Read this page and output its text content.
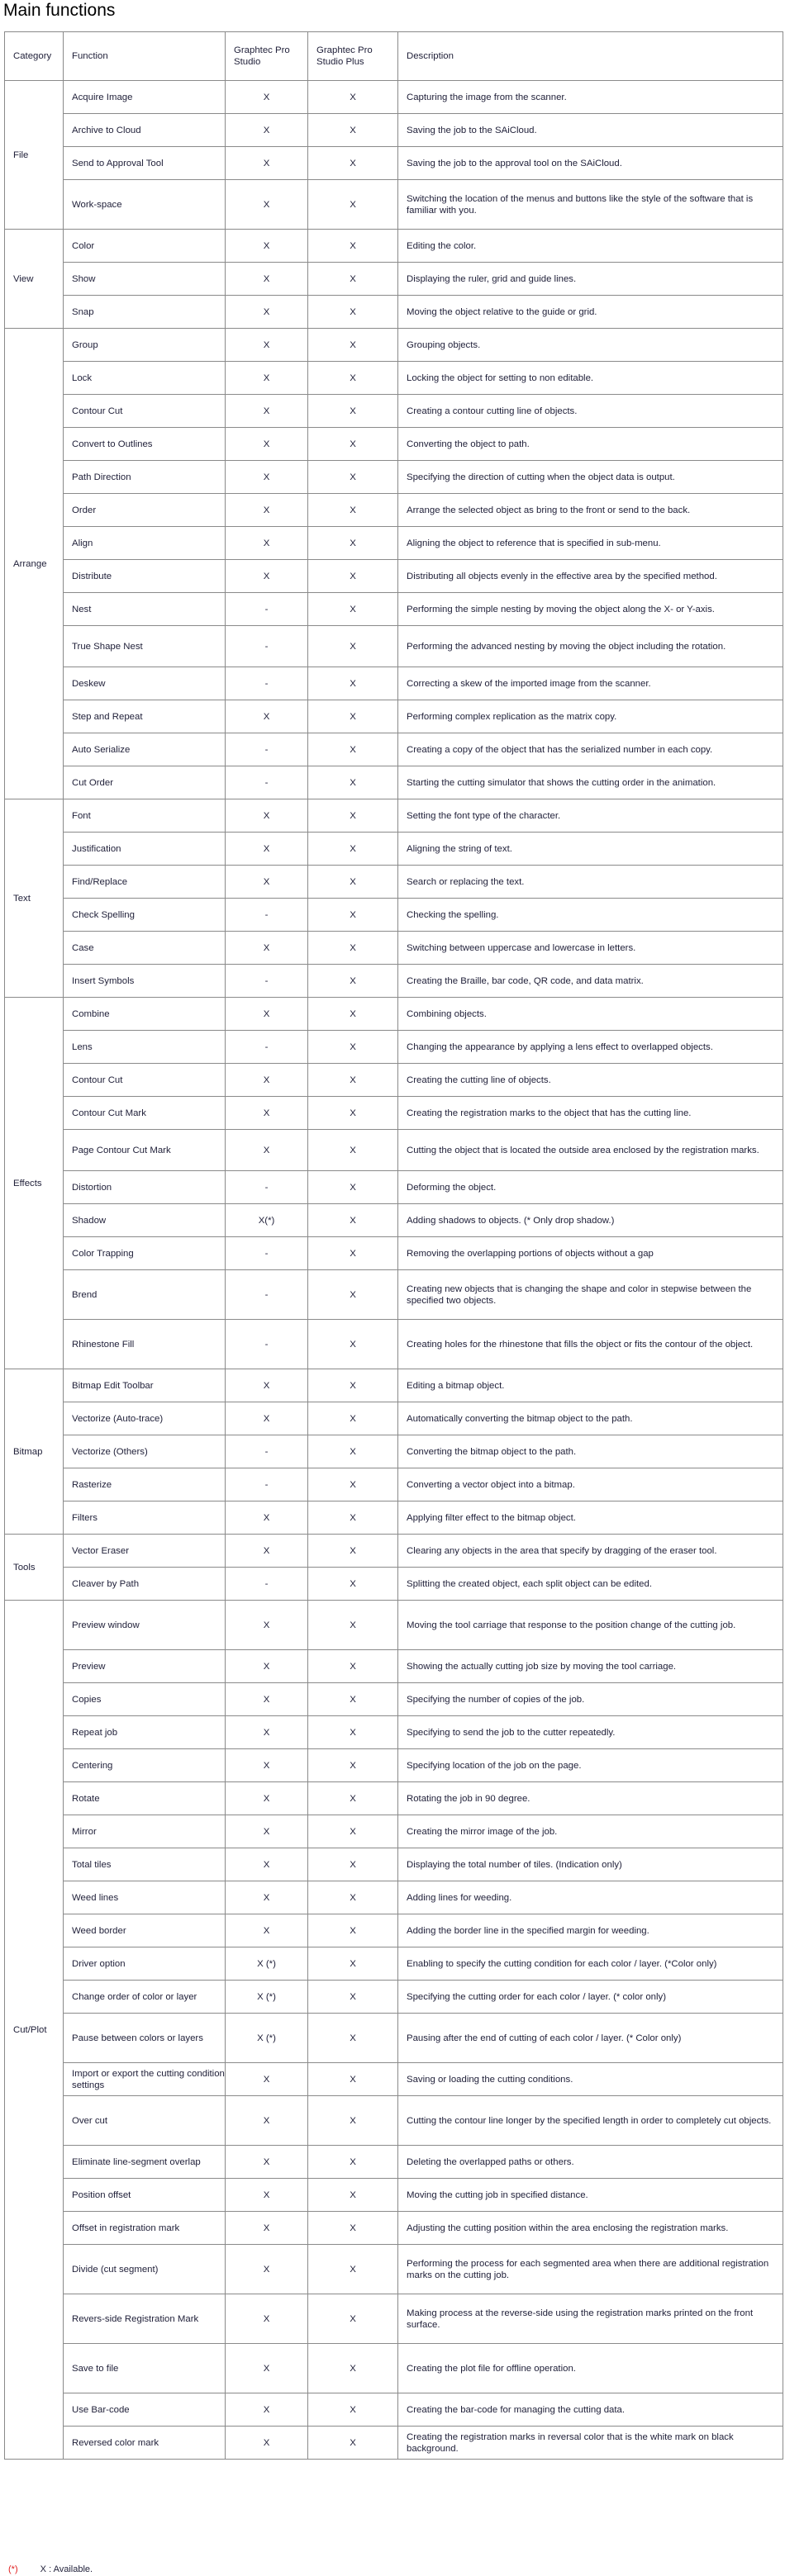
Main functions
Category	Function	Graphtec Pro Studio	Graphtec Pro Studio Plus	Description
File	Acquire Image	X	X	Capturing the image from the scanner.
	Archive to Cloud	X	X	Saving the job to the SAiCloud.
	Send to Approval Tool	X	X	Saving the job to the approval tool on the SAiCloud.
	Work-space	X	X	Switching the location of the menus and buttons like the style of the software that is familiar with you.
View	Color	X	X	Editing the color.
	Show	X	X	Displaying the ruler, grid and guide lines.
	Snap	X	X	Moving the object relative to the guide or grid.
Arrange	Group	X	X	Grouping objects.
	Lock	X	X	Locking the object for setting to non editable.
	Contour Cut	X	X	Creating a contour cutting line of objects.
	Convert to Outlines	X	X	Converting the object to path.
	Path Direction	X	X	Specifying the direction of cutting when the object data is output.
	Order	X	X	Arrange the selected object as bring to the front or send to the back.
	Align	X	X	Aligning the object to reference that is specified in sub-menu.
	Distribute	X	X	Distributing all objects evenly in the effective area by the specified method.
	Nest	-	X	Performing the simple nesting by moving the object along the X- or Y-axis.
	True Shape Nest	-	X	Performing the advanced nesting by moving the object including the rotation.
	Deskew	-	X	Correcting a skew of the imported image from the scanner.
	Step and Repeat	X	X	Performing complex replication as the matrix copy.
	Auto Serialize	-	X	Creating a copy of the object that has the serialized number in each copy.
	Cut Order	-	X	Starting the cutting simulator that shows the cutting order in the animation.
Text	Font	X	X	Setting the font type of the character.
	Justification	X	X	Aligning the string of text.
	Find/Replace	X	X	Search or replacing the text.
	Check Spelling	-	X	Checking the spelling.
	Case	X	X	Switching between uppercase and lowercase in letters.
	Insert Symbols	-	X	Creating the Braille, bar code, QR code, and data matrix.
Effects	Combine	X	X	Combining objects.
	Lens	-	X	Changing the appearance by applying a lens effect to overlapped objects.
	Contour Cut	X	X	Creating the cutting line of objects.
	Contour Cut Mark	X	X	Creating the registration marks to the object that has the cutting line.
	Page Contour Cut Mark	X	X	Cutting the object that is located the outside area enclosed by the registration marks.
	Distortion	-	X	Deforming the object.
	Shadow	X(*)	X	Adding shadows to objects. (* Only drop shadow.)
	Color Trapping	-	X	Removing the overlapping portions of objects without a gap
	Brend	-	X	Creating new objects that is changing the shape and color in stepwise between the specified two objects.
	Rhinestone Fill	-	X	Creating holes for the rhinestone that fills the object or fits the contour of the object.
Bitmap	Bitmap Edit Toolbar	X	X	Editing a bitmap object.
	Vectorize (Auto-trace)	X	X	Automatically converting the bitmap object to the path.
	Vectorize (Others)	-	X	Converting the bitmap object to the path.
	Rasterize	-	X	Converting a vector object into a bitmap.
	Filters	X	X	Applying filter effect to the bitmap object.
Tools	Vector Eraser	X	X	Clearing any objects in the area that specify by dragging of the eraser tool.
	Cleaver by Path	-	X	Splitting the created object, each split object can be edited.
Cut/Plot	Preview window	X	X	Moving the tool carriage that response to the position change of the cutting job.
	Preview	X	X	Showing the actually cutting job size by moving the tool carriage.
	Copies	X	X	Specifying the number of copies of the job.
	Repeat job	X	X	Specifying to send the job to the cutter repeatedly.
	Centering	X	X	Specifying location of the job on the page.
	Rotate	X	X	Rotating the job in 90 degree.
	Mirror	X	X	Creating the mirror image of the job.
	Total tiles	X	X	Displaying the total number of tiles. (Indication only)
	Weed lines	X	X	Adding lines for weeding.
	Weed border	X	X	Adding the border line in the specified margin for weeding.
	Driver option	X (*)	X	Enabling to specify the cutting condition for each color / layer. (*Color only)
	Change order of color or layer	X (*)	X	Specifying the cutting order for each color / layer. (* color only)
	Pause between colors or layers	X (*)	X	Pausing after the end of cutting of each color / layer. (* Color only)
	Import or export the cutting condition settings	X	X	Saving or loading the cutting conditions.
	Over cut	X	X	Cutting the contour line longer by the specified length in order to completely cut objects.
	Eliminate line-segment overlap	X	X	Deleting the overlapped paths or others.
	Position offset	X	X	Moving the cutting job in specified distance.
	Offset in registration mark	X	X	Adjusting the cutting position within the area enclosing the registration marks.
	Divide (cut segment)	X	X	Performing the process for each segmented area when there are additional registration marks on the cutting job.
	Revers-side Registration Mark	X	X	Making process at the reverse-side using the registration marks printed on the front surface.
	Save to file	X	X	Creating the plot file for offline operation.
	Use Bar-code	X	X	Creating the bar-code for managing the cutting data.
	Reversed color mark	X	X	Creating the registration marks in reversal color that is the white mark on black background.
(*) X : Available.
